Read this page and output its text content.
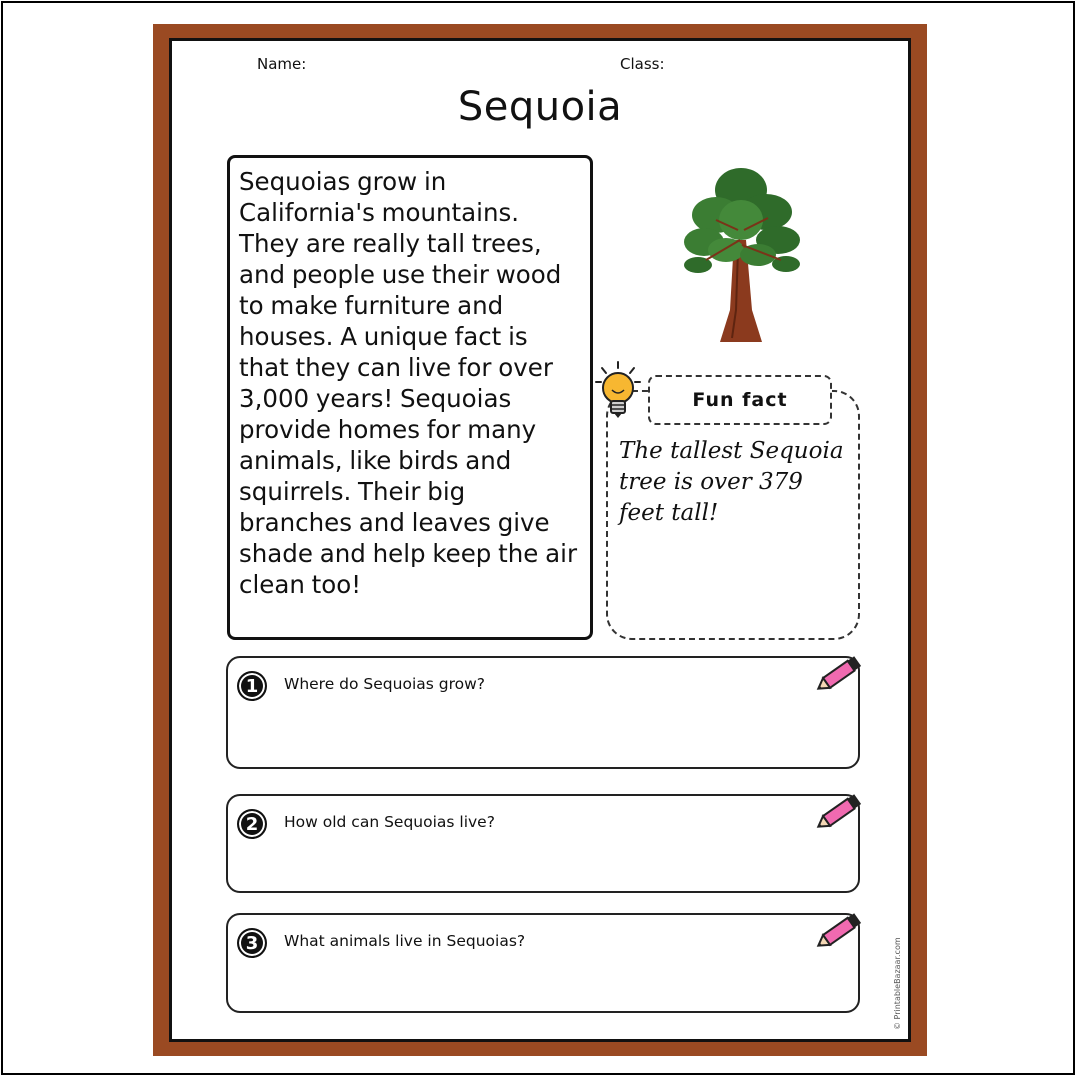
Name:	Class:
Sequoia

Sequoias grow in California's mountains. They are really tall trees, and people use their wood to make furniture and houses. A unique fact is that they can live for over 3,000 years! Sequoias provide homes for many animals, like birds and squirrels. Their big branches and leaves give shade and help keep the air clean too!

Fun fact

The tallest Sequoia tree is over 379 feet tall!

1	Where do Sequoias grow?
2	How old can Sequoias live?
3	What animals live in Sequoias?	© PrintableBazaar.com
